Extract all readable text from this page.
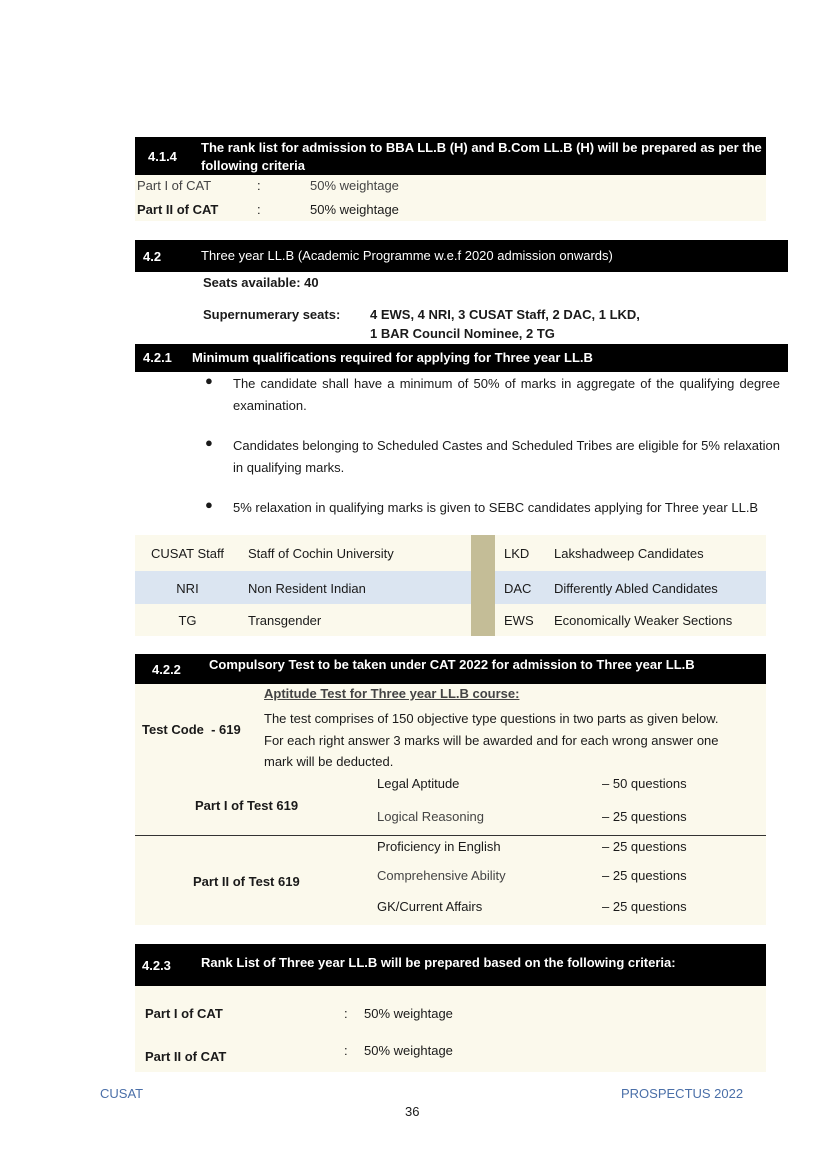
4.1.4
The rank list for admission to BBA LL.B (H) and B.Com LL.B (H) will be prepared as per the following criteria
Part I of CAT	:	50% weightage
Part II of CAT	:	50% weightage
4.2	Three year LL.B (Academic Programme w.e.f 2020 admission onwards)
Seats available: 40
Supernumerary seats: 4 EWS, 4 NRI, 3 CUSAT Staff, 2 DAC, 1 LKD,
1 BAR Council Nominee, 2 TG
4.2.1 Minimum qualifications required for applying for Three year LL.B
● The candidate shall have a minimum of 50% of marks in aggregate of the qualifying degree examination.
● Candidates belonging to Scheduled Castes and Scheduled Tribes are eligible for 5% relaxation in qualifying marks.
● 5% relaxation in qualifying marks is given to SEBC candidates applying for Three year LL.B
CUSAT Staff	Staff of Cochin University	LKD Lakshadweep Candidates
NRI	Non Resident Indian	DAC Differently Abled Candidates
TG	Transgender	EWS Economically Weaker Sections
4.2.2 Compulsory Test to be taken under CAT 2022 for admission to Three year LL.B
Test Code  - 619
Aptitude Test for Three year LL.B course:
The test comprises of 150 objective type questions in two parts as given below.
For each right answer 3 marks will be awarded and for each wrong answer one
mark will be deducted.
Part I of Test 619
Legal Aptitude	– 50 questions
Logical Reasoning	– 25 questions
Part II of Test 619
Proficiency in English	– 25 questions
Comprehensive Ability	– 25 questions
GK/Current Affairs	– 25 questions
4.2.3 Rank List of Three year LL.B will be prepared based on the following criteria:
Part I of CAT	: 50% weightage
Part II of CAT	: 50% weightage
CUSAT	PROSPECTUS 2022
36
